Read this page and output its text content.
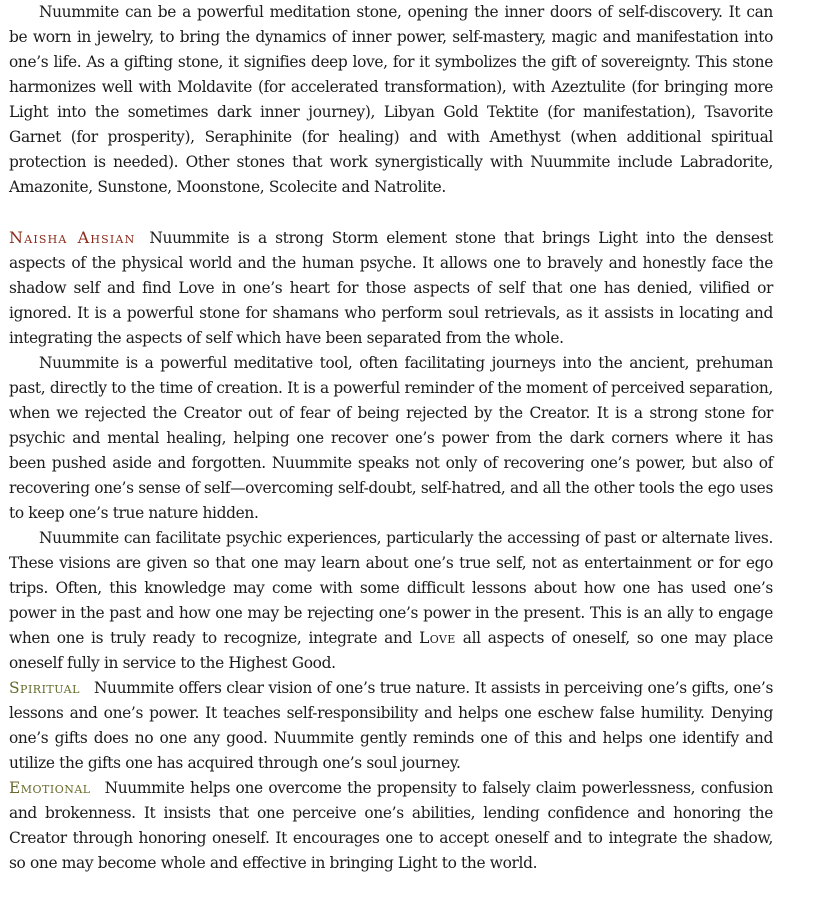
Nuummite can be a powerful meditation stone, opening the inner doors of self-discovery. It can be worn in jewelry, to bring the dynamics of inner power, self-mastery, magic and manifestation into one’s life. As a gifting stone, it signifies deep love, for it symbolizes the gift of sovereignty. This stone harmonizes well with Moldavite (for accelerated transformation), with Azeztulite (for bringing more Light into the sometimes dark inner journey), Libyan Gold Tektite (for manifestation), Tsavorite Garnet (for prosperity), Seraphinite (for healing) and with Amethyst (when additional spiritual protection is needed). Other stones that work synergistically with Nuummite include Labradorite, Amazonite, Sunstone, Moonstone, Scolecite and Natrolite.

Naisha Ahsian Nuummite is a strong Storm element stone that brings Light into the densest aspects of the physical world and the human psyche. It allows one to bravely and honestly face the shadow self and find Love in one’s heart for those aspects of self that one has denied, vilified or ignored. It is a powerful stone for shamans who perform soul retrievals, as it assists in locating and integrating the aspects of self which have been separated from the whole.

Nuummite is a powerful meditative tool, often facilitating journeys into the ancient, prehuman past, directly to the time of creation. It is a powerful reminder of the moment of perceived separation, when we rejected the Creator out of fear of being rejected by the Creator. It is a strong stone for psychic and mental healing, helping one recover one’s power from the dark corners where it has been pushed aside and forgotten. Nuummite speaks not only of recovering one’s power, but also of recovering one’s sense of self—overcoming self-doubt, self-hatred, and all the other tools the ego uses to keep one’s true nature hidden.

Nuummite can facilitate psychic experiences, particularly the accessing of past or alternate lives. These visions are given so that one may learn about one’s true self, not as entertainment or for ego trips. Often, this knowledge may come with some difficult lessons about how one has used one’s power in the past and how one may be rejecting one’s power in the present. This is an ally to engage when one is truly ready to recognize, integrate and Love all aspects of oneself, so one may place oneself fully in service to the Highest Good.

Spiritual Nuummite offers clear vision of one’s true nature. It assists in perceiving one’s gifts, one’s lessons and one’s power. It teaches self-responsibility and helps one eschew false humility. Denying one’s gifts does no one any good. Nuummite gently reminds one of this and helps one identify and utilize the gifts one has acquired through one’s soul journey.

Emotional Nuummite helps one overcome the propensity to falsely claim powerlessness, confusion and brokenness. It insists that one perceive one’s abilities, lending confidence and honoring the Creator through honoring oneself. It encourages one to accept oneself and to integrate the shadow, so one may become whole and effective in bringing Light to the world.
